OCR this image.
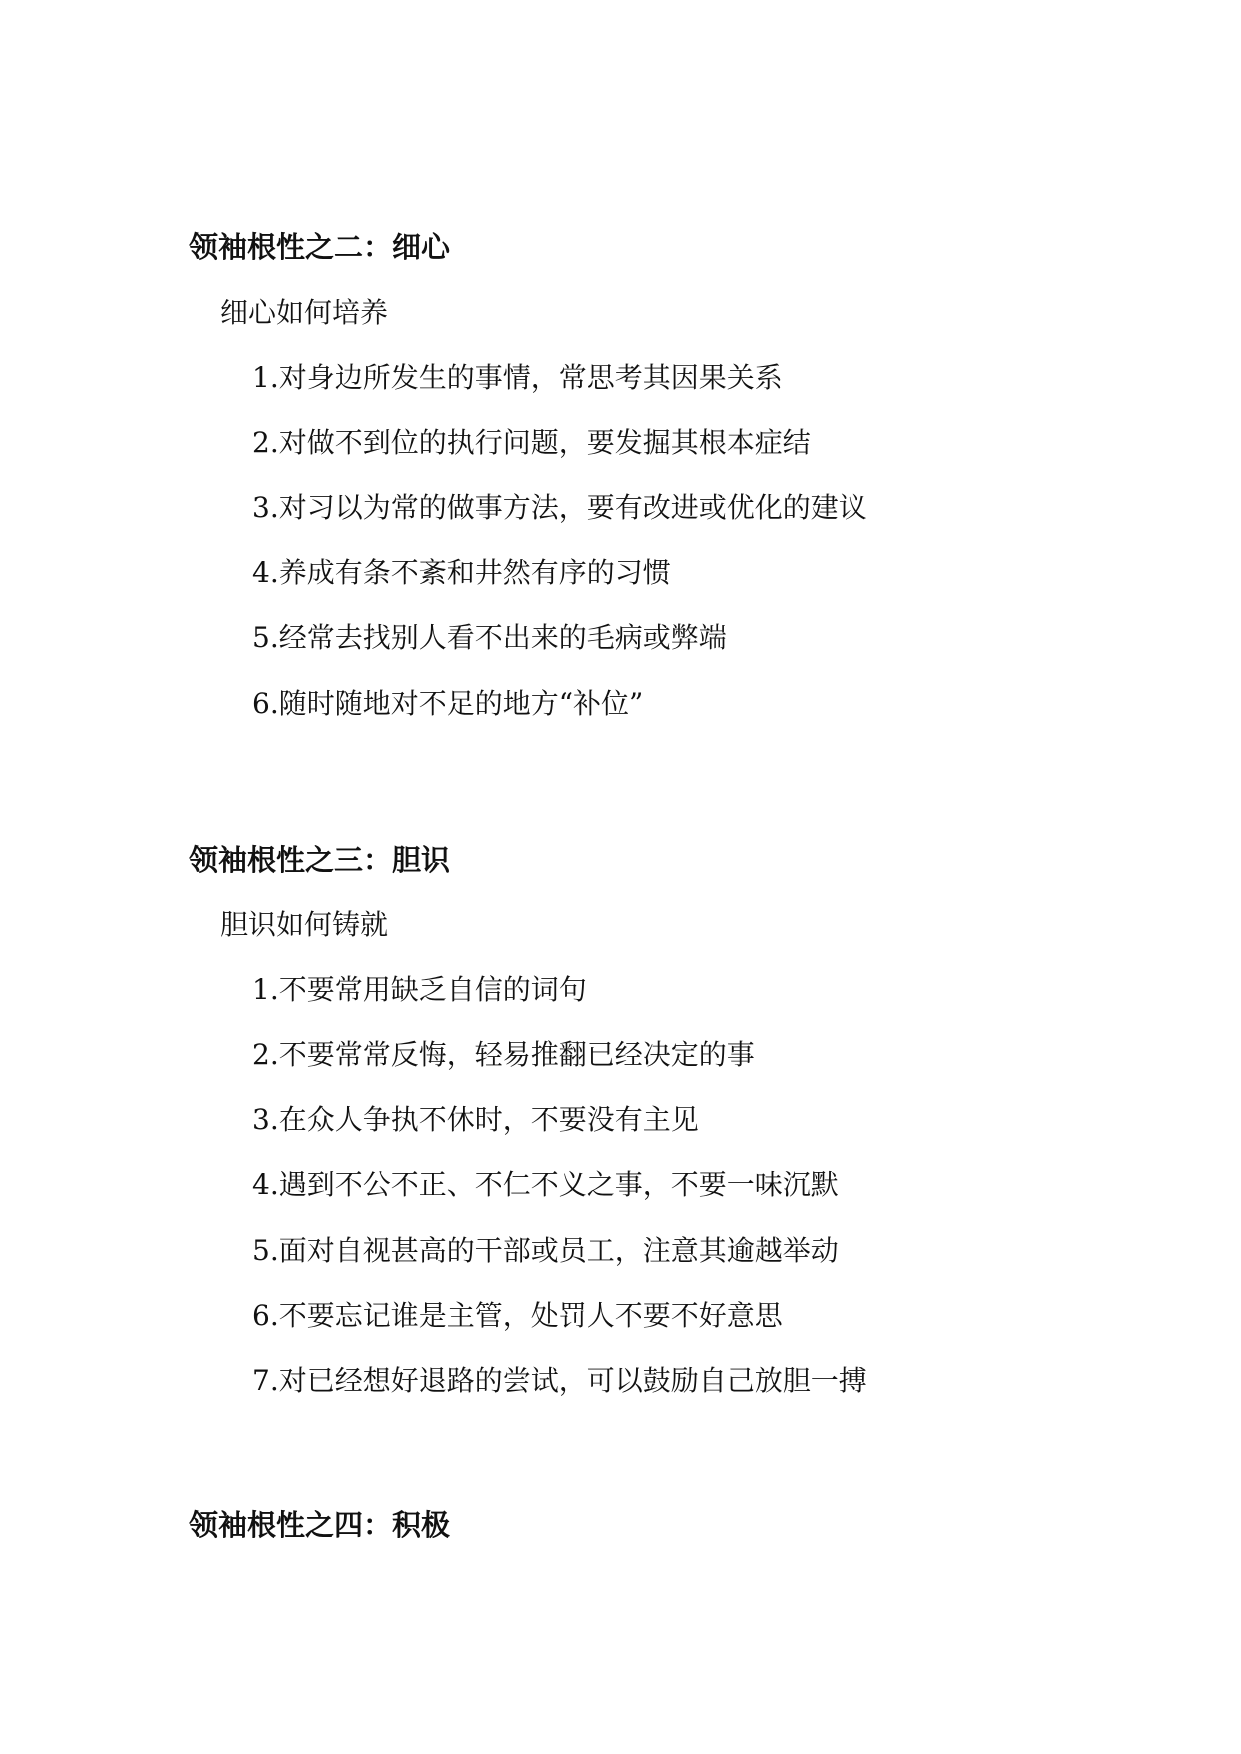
领袖根性之二：细心
细心如何培养
1.对身边所发生的事情，常思考其因果关系
2.对做不到位的执行问题，要发掘其根本症结
3.对习以为常的做事方法，要有改进或优化的建议
4.养成有条不紊和井然有序的习惯
5.经常去找别人看不出来的毛病或弊端
6.随时随地对不足的地方“补位”
领袖根性之三：胆识
胆识如何铸就
1.不要常用缺乏自信的词句
2.不要常常反悔，轻易推翻已经决定的事
3.在众人争执不休时，不要没有主见
4.遇到不公不正、不仁不义之事，不要一味沉默
5.面对自视甚高的干部或员工，注意其逾越举动
6.不要忘记谁是主管，处罚人不要不好意思
7.对已经想好退路的尝试，可以鼓励自己放胆一搏
领袖根性之四：积极
